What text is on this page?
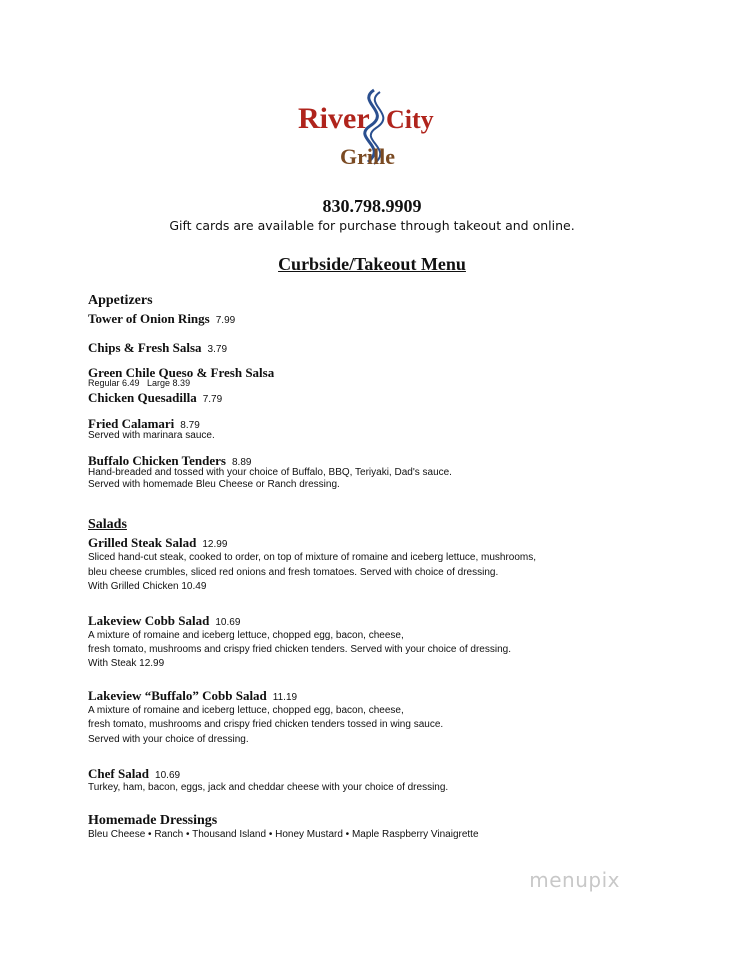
River City
Grille
830.798.9909
Gift cards are available for purchase through takeout and online.
Curbside/Takeout Menu
Appetizers
Tower of Onion Rings 7.99
Chips & Fresh Salsa 3.79
Green Chile Queso & Fresh Salsa
Regular 6.49   Large 8.39
Chicken Quesadilla 7.79
Fried Calamari 8.79
Served with marinara sauce.
Buffalo Chicken Tenders 8.89
Hand-breaded and tossed with your choice of Buffalo, BBQ, Teriyaki, Dad's sauce.
Served with homemade Bleu Cheese or Ranch dressing.
Salads
Grilled Steak Salad 12.99
Sliced hand-cut steak, cooked to order, on top of mixture of romaine and iceberg lettuce, mushrooms,
bleu cheese crumbles, sliced red onions and fresh tomatoes. Served with choice of dressing.
With Grilled Chicken 10.49
Lakeview Cobb Salad 10.69
A mixture of romaine and iceberg lettuce, chopped egg, bacon, cheese,
fresh tomato, mushrooms and crispy fried chicken tenders. Served with your choice of dressing.
With Steak 12.99
Lakeview “Buffalo” Cobb Salad 11.19
A mixture of romaine and iceberg lettuce, chopped egg, bacon, cheese,
fresh tomato, mushrooms and crispy fried chicken tenders tossed in wing sauce.
Served with your choice of dressing.
Chef Salad 10.69
Turkey, ham, bacon, eggs, jack and cheddar cheese with your choice of dressing.
Homemade Dressings
Bleu Cheese • Ranch • Thousand Island • Honey Mustard • Maple Raspberry Vinaigrette
menupix
